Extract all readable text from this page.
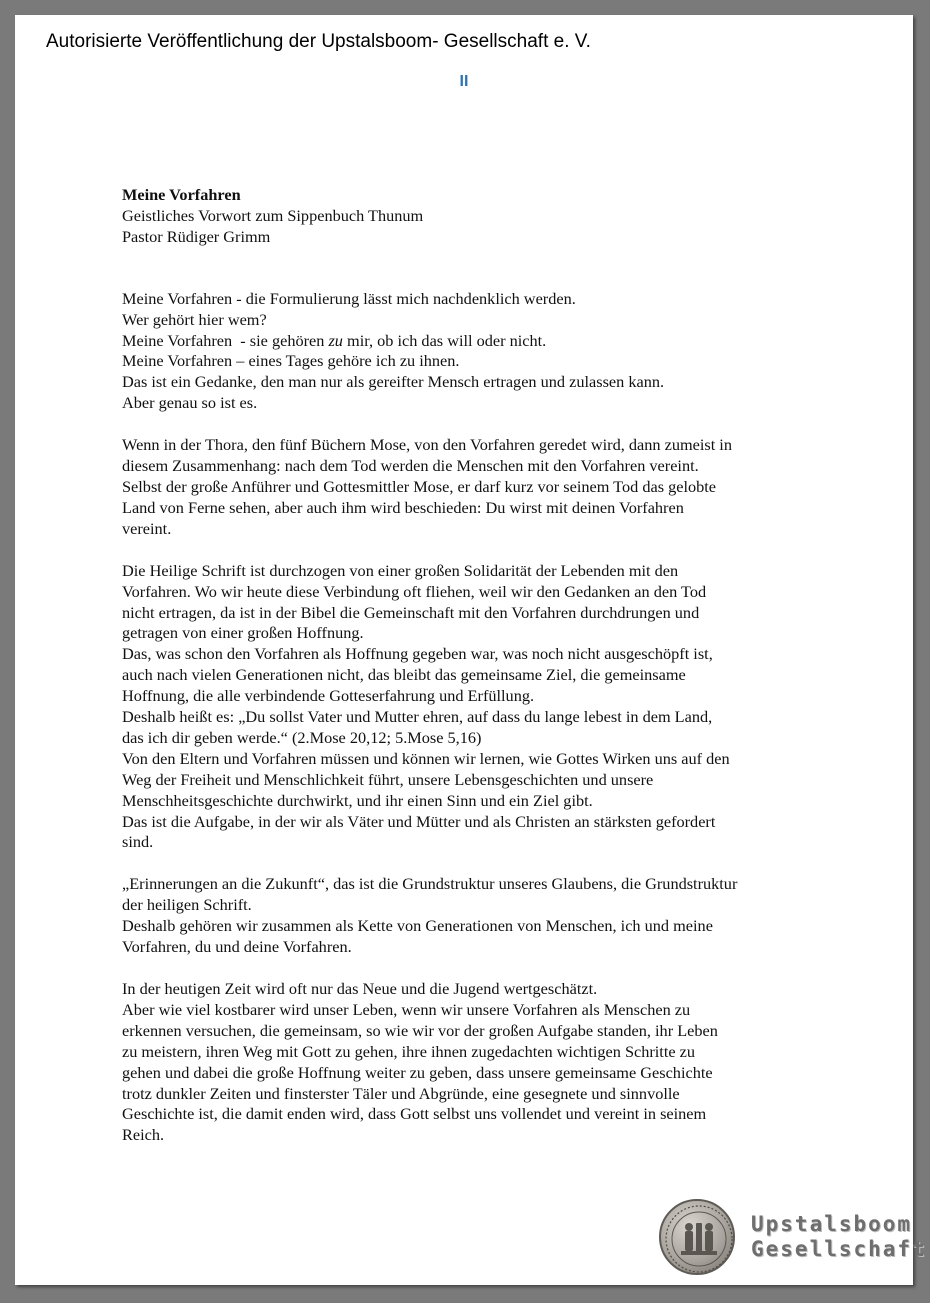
Autorisierte Veröffentlichung der Upstalsboom- Gesellschaft e. V.
II
Meine Vorfahren
Geistliches Vorwort zum Sippenbuch Thunum
Pastor Rüdiger Grimm
Meine Vorfahren - die Formulierung lässt mich nachdenklich werden.
Wer gehört hier wem?
Meine Vorfahren  - sie gehören zu mir, ob ich das will oder nicht.
Meine Vorfahren – eines Tages gehöre ich zu ihnen.
Das ist ein Gedanke, den man nur als gereifter Mensch ertragen und zulassen kann.
Aber genau so ist es.
Wenn in der Thora, den fünf Büchern Mose, von den Vorfahren geredet wird, dann zumeist in
diesem Zusammenhang: nach dem Tod werden die Menschen mit den Vorfahren vereint.
Selbst der große Anführer und Gottesmittler Mose, er darf kurz vor seinem Tod das gelobte
Land von Ferne sehen, aber auch ihm wird beschieden: Du wirst mit deinen Vorfahren
vereint.
Die Heilige Schrift ist durchzogen von einer großen Solidarität der Lebenden mit den
Vorfahren. Wo wir heute diese Verbindung oft fliehen, weil wir den Gedanken an den Tod
nicht ertragen, da ist in der Bibel die Gemeinschaft mit den Vorfahren durchdrungen und
getragen von einer großen Hoffnung.
Das, was schon den Vorfahren als Hoffnung gegeben war, was noch nicht ausgeschöpft ist,
auch nach vielen Generationen nicht, das bleibt das gemeinsame Ziel, die gemeinsame
Hoffnung, die alle verbindende Gotteserfahrung und Erfüllung.
Deshalb heißt es: „Du sollst Vater und Mutter ehren, auf dass du lange lebest in dem Land,
das ich dir geben werde.“ (2.Mose 20,12; 5.Mose 5,16)
Von den Eltern und Vorfahren müssen und können wir lernen, wie Gottes Wirken uns auf den
Weg der Freiheit und Menschlichkeit führt, unsere Lebensgeschichten und unsere
Menschheitsgeschichte durchwirkt, und ihr einen Sinn und ein Ziel gibt.
Das ist die Aufgabe, in der wir als Väter und Mütter und als Christen an stärksten gefordert
sind.
„Erinnerungen an die Zukunft“, das ist die Grundstruktur unseres Glaubens, die Grundstruktur
der heiligen Schrift.
Deshalb gehören wir zusammen als Kette von Generationen von Menschen, ich und meine
Vorfahren, du und deine Vorfahren.
In der heutigen Zeit wird oft nur das Neue und die Jugend wertgeschätzt.
Aber wie viel kostbarer wird unser Leben, wenn wir unsere Vorfahren als Menschen zu
erkennen versuchen, die gemeinsam, so wie wir vor der großen Aufgabe standen, ihr Leben
zu meistern, ihren Weg mit Gott zu gehen, ihre ihnen zugedachten wichtigen Schritte zu
gehen und dabei die große Hoffnung weiter zu geben, dass unsere gemeinsame Geschichte
trotz dunkler Zeiten und finsterster Täler und Abgründe, eine gesegnete und sinnvolle
Geschichte ist, die damit enden wird, dass Gott selbst uns vollendet und vereint in seinem
Reich.
Upstalsboom
Gesellschaft
